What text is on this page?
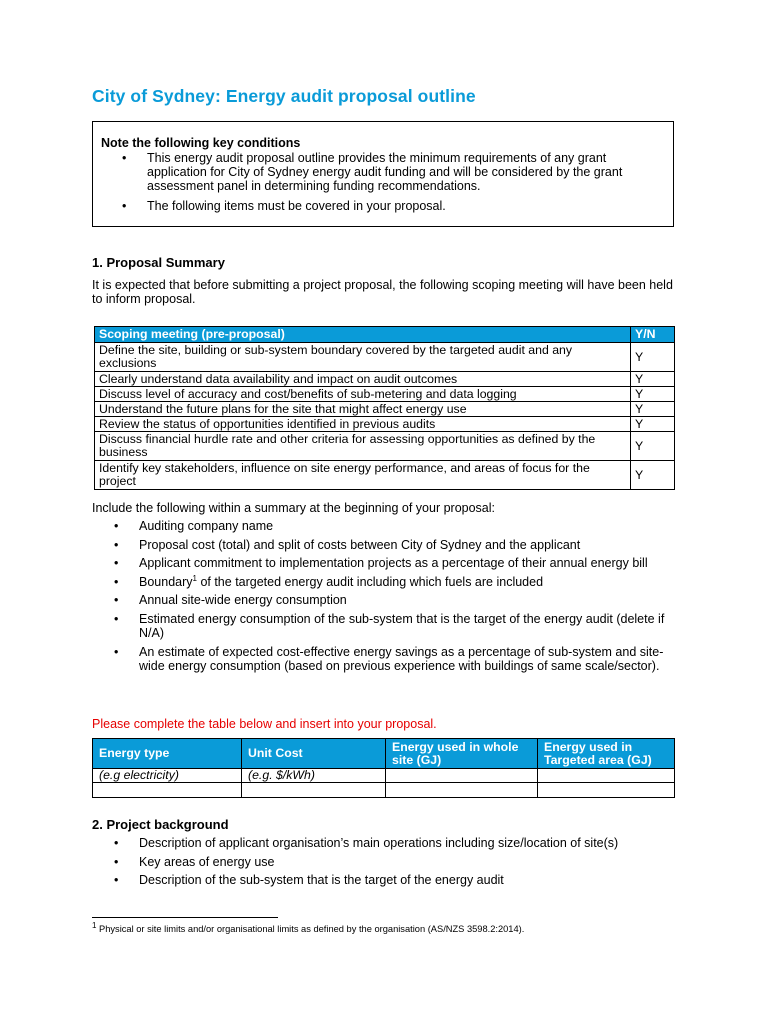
City of Sydney: Energy audit proposal outline

Note the following key conditions

• This energy audit proposal outline provides the minimum requirements of any grant application for City of Sydney energy audit funding and will be considered by the grant assessment panel in determining funding recommendations.
• The following items must be covered in your proposal.
1. Proposal Summary

It is expected that before submitting a project proposal, the following scoping meeting will have been held to inform proposal.

Scoping meeting (pre-proposal)	Y/N
Define the site, building or sub-system boundary covered by the targeted audit and any exclusions	Y
Clearly understand data availability and impact on audit outcomes	Y
Discuss level of accuracy and cost/benefits of sub-metering and data logging	Y
Understand the future plans for the site that might affect energy use	Y
Review the status of opportunities identified in previous audits	Y
Discuss financial hurdle rate and other criteria for assessing opportunities as defined by the business	Y
Identify key stakeholders, influence on site energy performance, and areas of focus for the project	Y

Include the following within a summary at the beginning of your proposal:

• Auditing company name
• Proposal cost (total) and split of costs between City of Sydney and the applicant
• Applicant commitment to implementation projects as a percentage of their annual energy bill
• Boundary$^1$ of the targeted energy audit including which fuels are included
• Annual site-wide energy consumption
• Estimated energy consumption of the sub-system that is the target of the energy audit (delete if N/A)
• An estimate of expected cost-effective energy savings as a percentage of sub-system and site-wide energy consumption (based on previous experience with buildings of same scale/sector).

Please complete the table below and insert into your proposal.

Energy type	Unit Cost	Energy used in whole site (GJ)	Energy used in Targeted area (GJ)
(e.g electricity)	(e.g. $/kWh)		

2. Project background
• Description of applicant organisation’s main operations including size/location of site(s)
• Key areas of energy use
• Description of the sub-system that is the target of the energy audit

$^1$ Physical or site limits and/or organisational limits as defined by the organisation (AS/NZS 3598.2:2014).
